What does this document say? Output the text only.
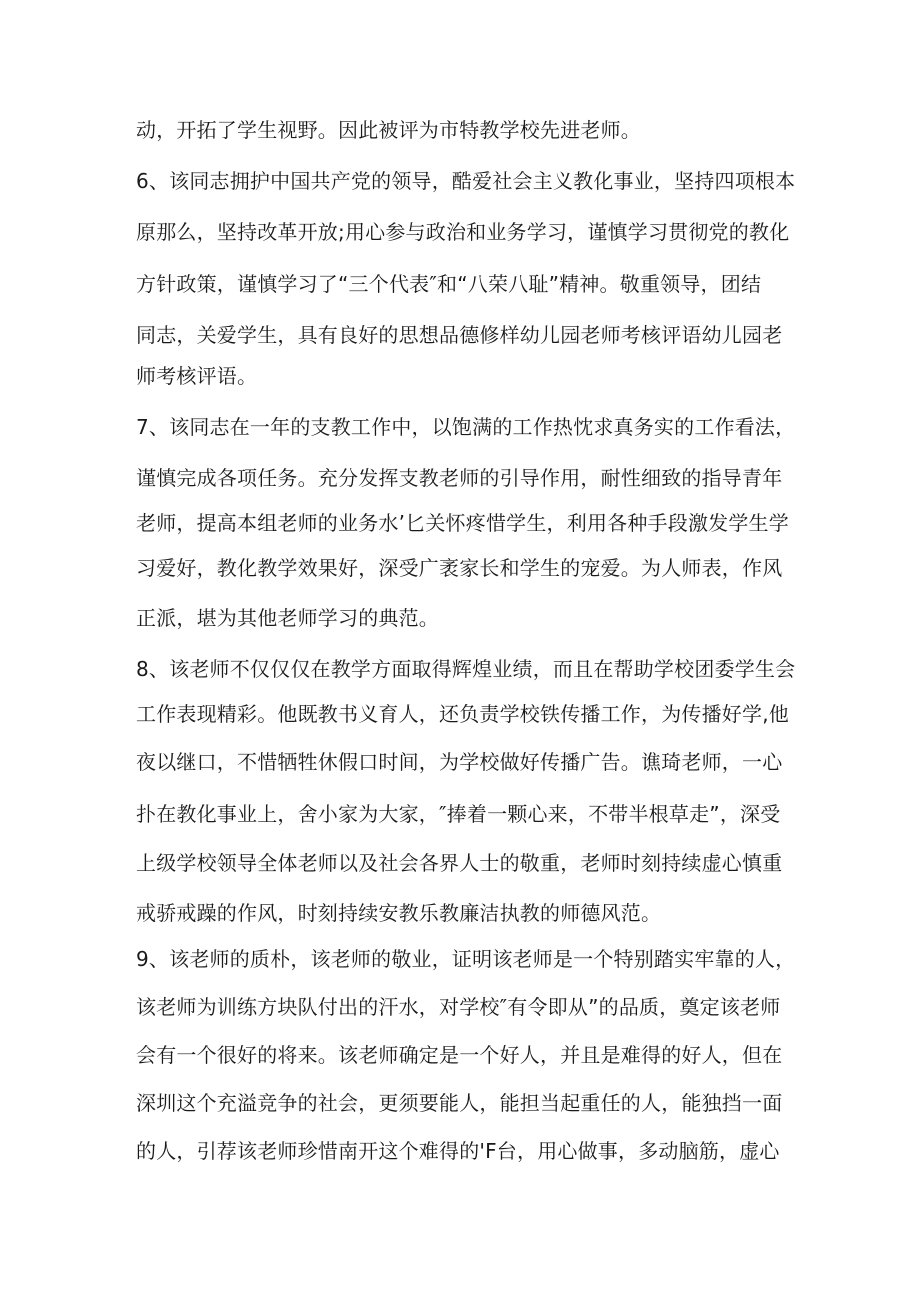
动，开拓了学生视野。因此被评为市特教学校先进老师。
6、该同志拥护中国共产党的领导，酷爱社会主义教化事业，坚持四项根本
原那么，坚持改革开放;用心参与政治和业务学习，谨慎学习贯彻党的教化
方针政策，谨慎学习了“三个代表″和“八荣八耻”精神。敬重领导，团结
同志，关爱学生，具有良好的思想品德修样幼儿园老师考核评语幼儿园老
师考核评语。
7、该同志在一年的支教工作中，以饱满的工作热忱求真务实的工作看法，
谨慎完成各项任务。充分发挥支教老师的引导作用，耐性细致的指导青年
老师，提高本组老师的业务水’匕关怀疼惜学生，利用各种手段激发学生学
习爱好，教化教学效果好，深受广袤家长和学生的宠爱。为人师表，作风
正派，堪为其他老师学习的典范。
8、该老师不仅仅仅在教学方面取得辉煌业绩，而且在帮助学校团委学生会
工作表现精彩。他既教书义育人，还负责学校铁传播工作，为传播好学,他
夜以继口，不惜牺牲休假口时间，为学校做好传播广告。谯琦老师，一心
扑在教化事业上，舍小家为大家，″捧着一颗心来，不带半根草走”，深受
上级学校领导全体老师以及社会各界人士的敬重，老师时刻持续虚心慎重
戒骄戒躁的作风，时刻持续安教乐教廉洁执教的师德风范。
9、该老师的质朴，该老师的敬业，证明该老师是一个特别踏实牢靠的人，
该老师为训练方块队付出的汗水，对学校″有令即从”的品质，奠定该老师
会有一个很好的将来。该老师确定是一个好人，并且是难得的好人，但在
深圳这个充溢竞争的社会，更须要能人，能担当起重任的人，能独挡一面
的人，引荐该老师珍惜南开这个难得的'F台，用心做事，多动脑筋，虚心
